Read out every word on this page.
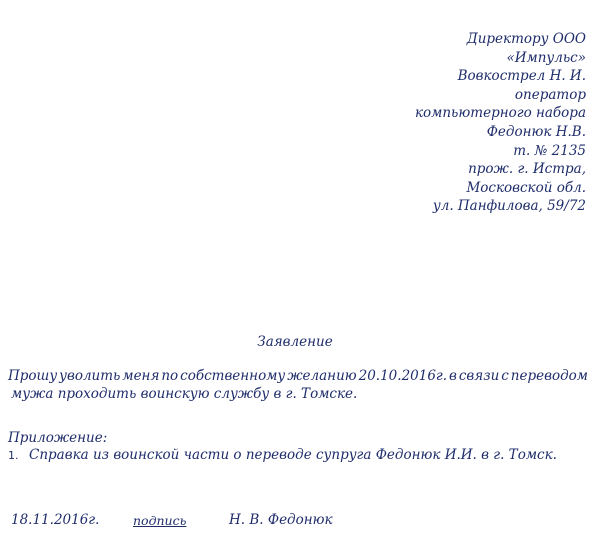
Директору ООО
«Импульс»
Вовкострел Н. И.
оператор
компьютерного набора
Федонюк Н.В.
т. № 2135
прож. г. Истра,
Московской обл.
ул. Панфилова, 59/72
Заявление
Прошу уволить меня по собственному желанию 20.10.2016г. в связи с переводом
мужа проходить воинскую службу в г. Томске.
Приложение:
1. Справка из воинской части о переводе супруга Федонюк И.И. в г. Томск.
18.11.2016г.	подпись	Н. В. Федонюк
